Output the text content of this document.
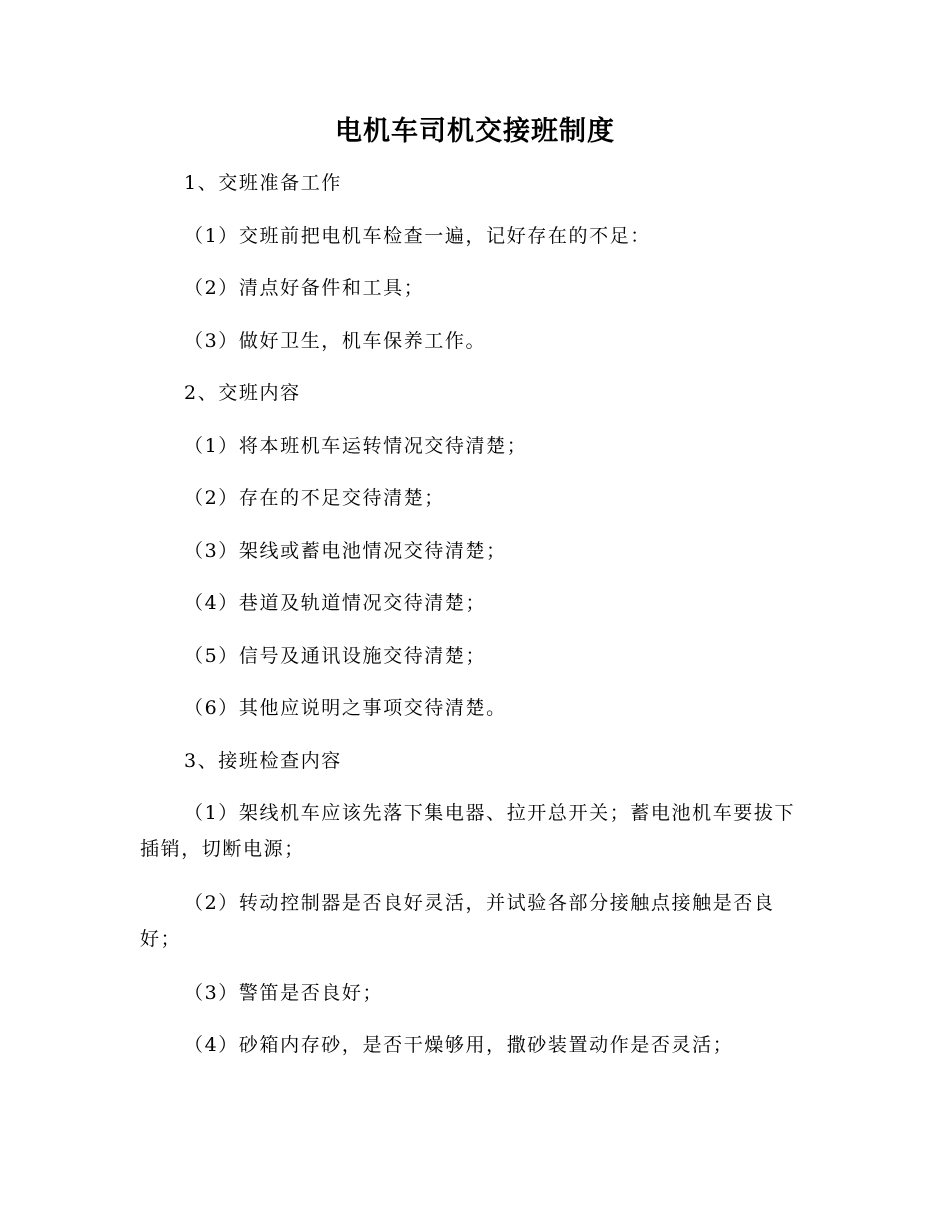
电机车司机交接班制度
1、交班准备工作
（1）交班前把电机车检查一遍，记好存在的不足：
（2）清点好备件和工具；
（3）做好卫生，机车保养工作。
2、交班内容
（1）将本班机车运转情况交待清楚；
（2）存在的不足交待清楚；
（3）架线或蓄电池情况交待清楚；
（4）巷道及轨道情况交待清楚；
（5）信号及通讯设施交待清楚；
（6）其他应说明之事项交待清楚。
3、接班检查内容
（1）架线机车应该先落下集电器、拉开总开关；蓄电池机车要拔下插销，切断电源；
（2）转动控制器是否良好灵活，并试验各部分接触点接触是否良好；
（3）警笛是否良好；
（4）砂箱内存砂，是否干燥够用，撒砂装置动作是否灵活；
